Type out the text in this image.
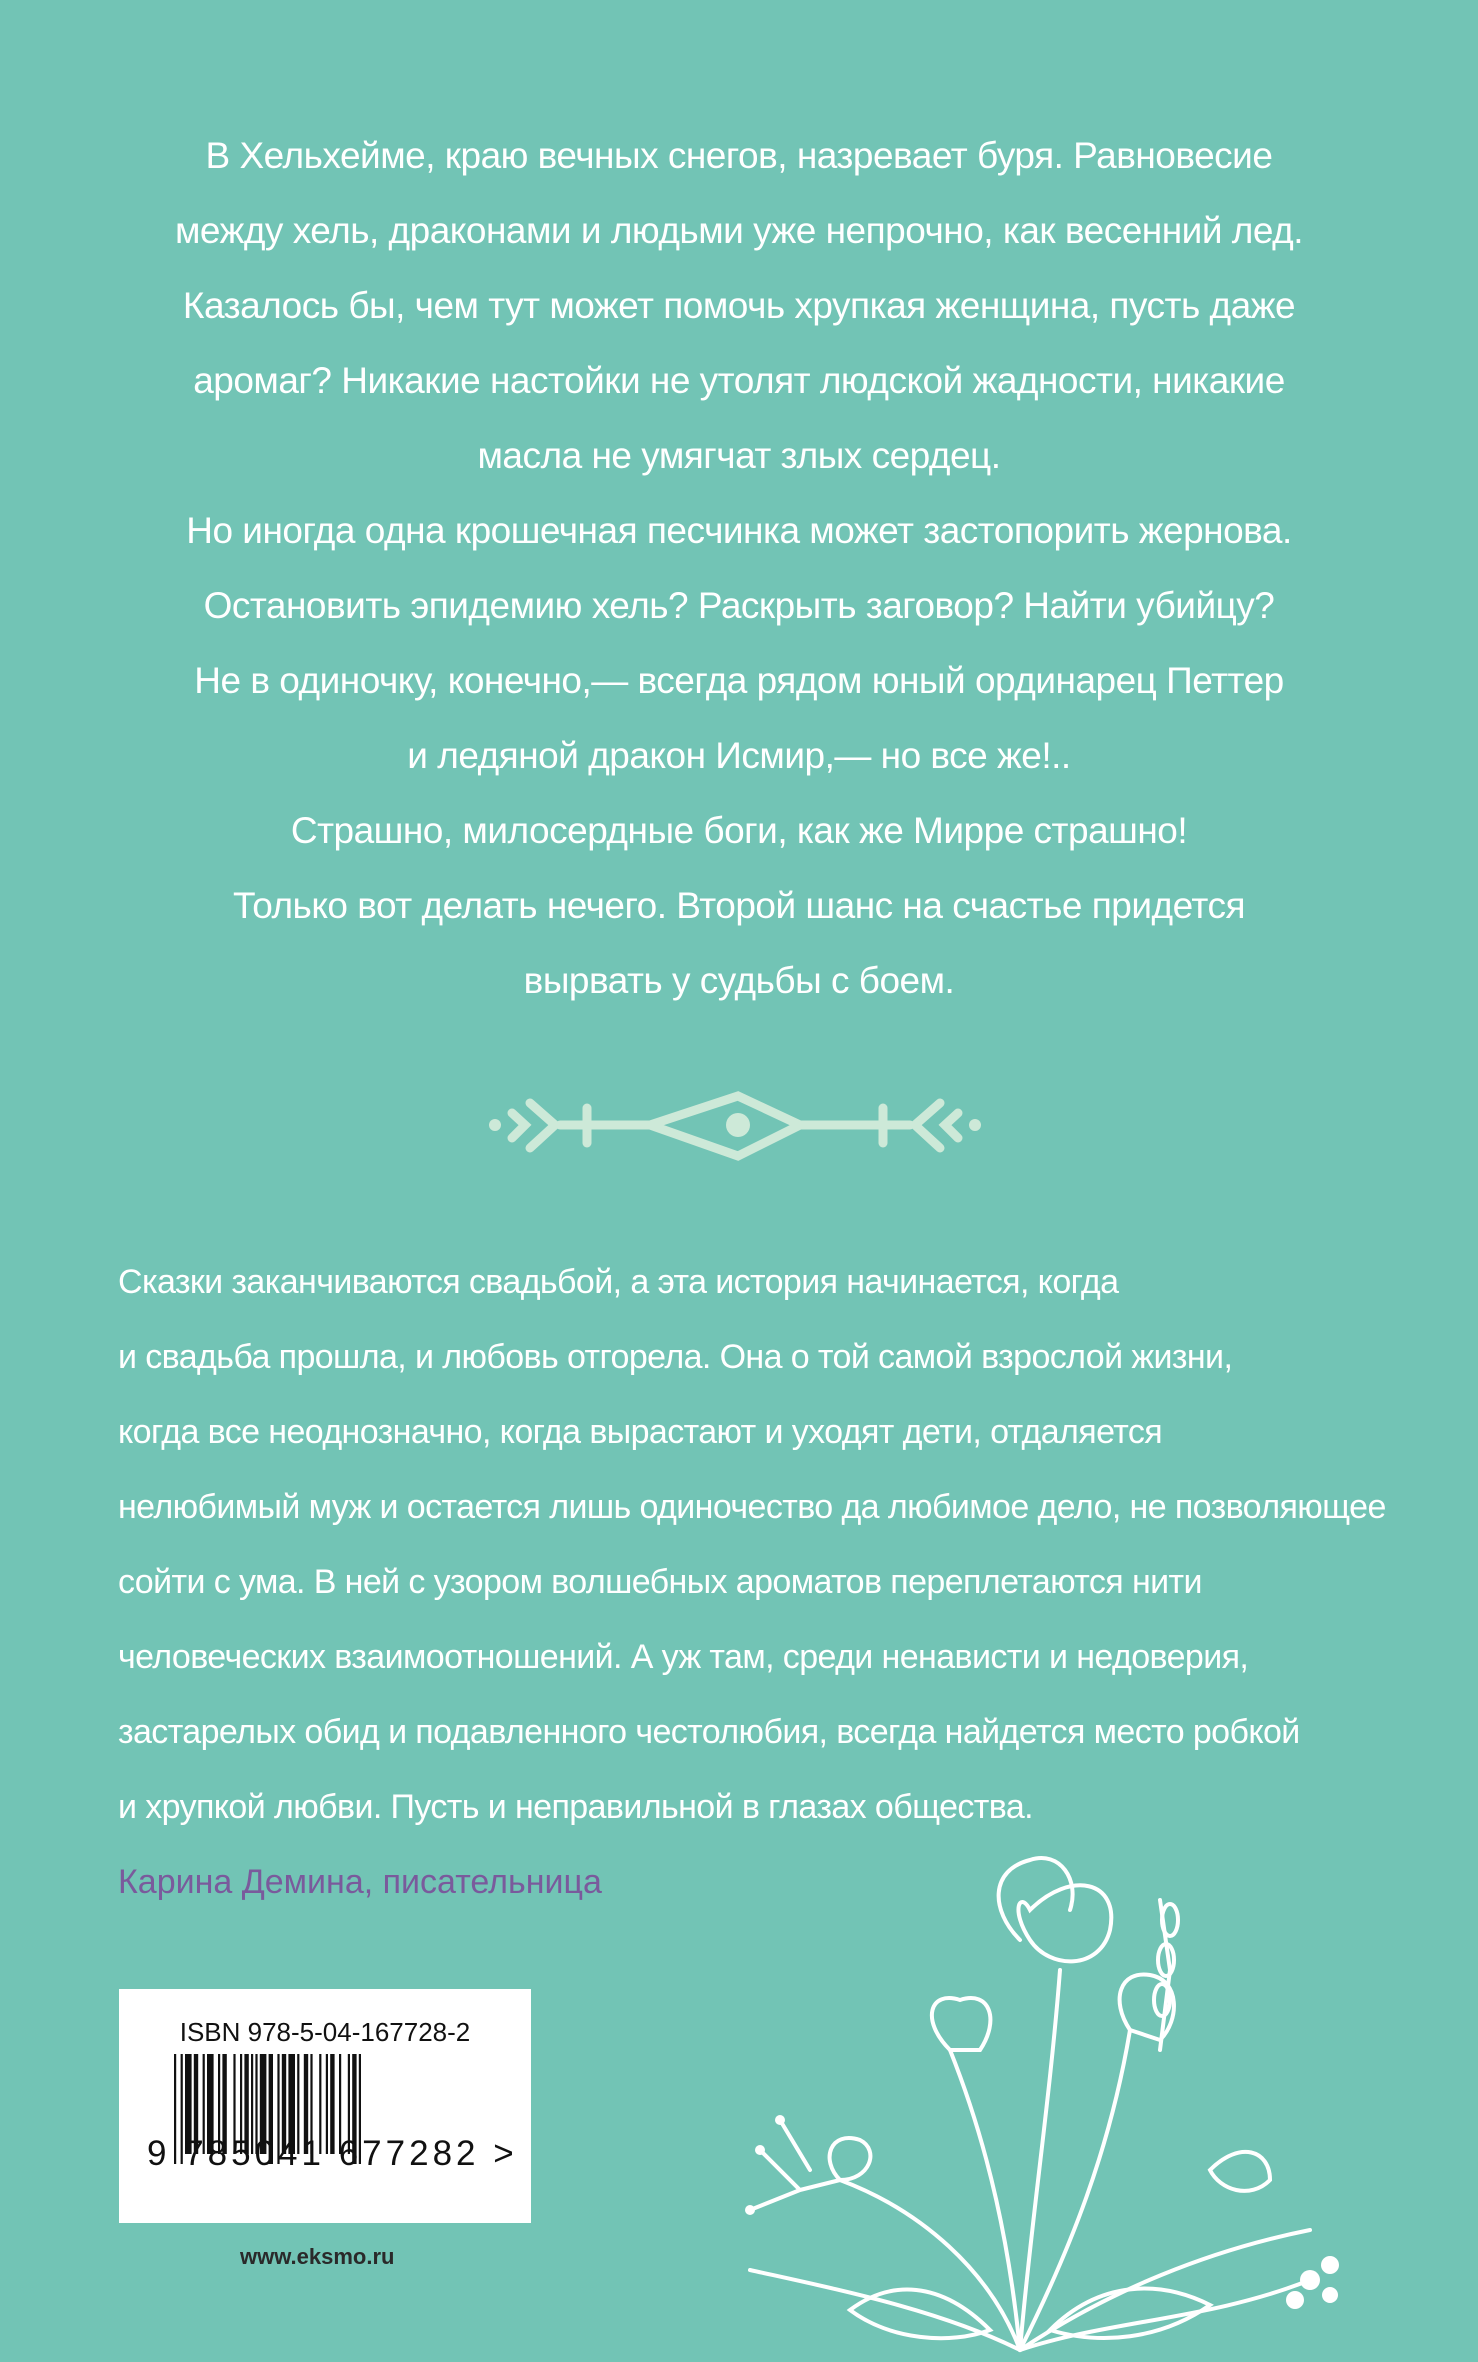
В Хельхейме, краю вечных снегов, назревает буря. Равновесие
между хель, драконами и людьми уже непрочно, как весенний лед.
Казалось бы, чем тут может помочь хрупкая женщина, пусть даже
аромаг? Никакие настойки не утолят людской жадности, никакие
масла не умягчат злых сердец.
Но иногда одна крошечная песчинка может застопорить жернова.
Остановить эпидемию хель? Раскрыть заговор? Найти убийцу?
Не в одиночку, конечно,— всегда рядом юный ординарец Петтер
и ледяной дракон Исмир,— но все же!..
Страшно, милосердные боги, как же Мирре страшно!
Только вот делать нечего. Второй шанс на счастье придется
вырвать у судьбы с боем.
Сказки заканчиваются свадьбой, а эта история начинается, когда
и свадьба прошла, и любовь отгорела. Она о той самой взрослой жизни,
когда все неоднозначно, когда вырастают и уходят дети, отдаляется
нелюбимый муж и остается лишь одиночество да любимое дело, не позволяющее
сойти с ума. В ней с узором волшебных ароматов переплетаются нити
человеческих взаимоотношений. А уж там, среди ненависти и недоверия,
застарелых обид и подавленного честолюбия, всегда найдется место робкой
и хрупкой любви. Пусть и неправильной в глазах общества.
Карина Демина, писательница
ISBN 978-5-04-167728-2
9 785041 677282 >
www.eksmo.ru
